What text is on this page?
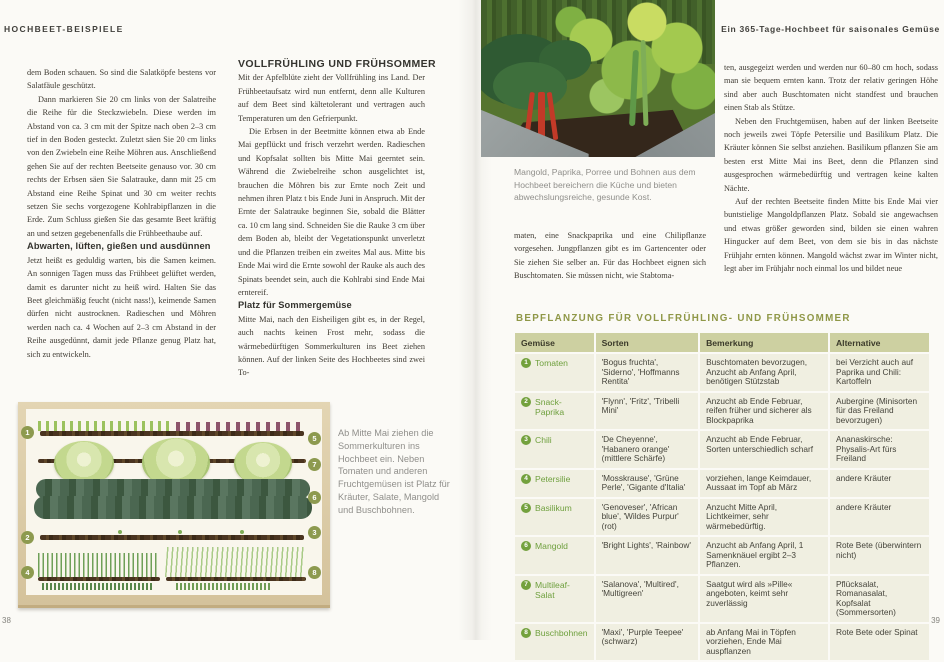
HOCHBEET-BEISPIELE

dem Boden schauen. So sind die Salatköpfe bestens vor Salatfäule geschützt.

Dann markieren Sie 20 cm links von der Salatreihe die Reihe für die Steckzwiebeln. Diese werden im Abstand von ca. 3 cm mit der Spitze nach oben 2–3 cm tief in den Boden gesteckt. Zuletzt säen Sie 20 cm links von den Zwiebeln eine Reihe Möhren aus. Anschließend gehen Sie auf der rechten Beetseite genauso vor. 30 cm rechts der Erbsen säen Sie Salatrauke, dann mit 25 cm Abstand eine Reihe Spinat und 30 cm weiter rechts setzen Sie sechs vorgezogene Kohlrabipflanzen in die Erde. Zum Schluss gießen Sie das gesamte Beet kräftig an und setzen gegebenenfalls die Frühbeethaube auf.

Abwarten, lüften, gießen und ausdünnen

Jetzt heißt es geduldig warten, bis die Samen keimen. An sonnigen Tagen muss das Frühbeet gelüftet werden, damit es darunter nicht zu heiß wird. Halten Sie das Beet gleichmäßig feucht (nicht nass!), keimende Samen dürfen nicht austrocknen. Radieschen und Möhren werden nach ca. 4 Wochen auf 2–3 cm Abstand in der Reihe ausgedünnt, damit jede Pflanze genug Platz hat, sich zu entwickeln.

VOLLFRÜHLING UND FRÜHSOMMER

Mit der Apfelblüte zieht der Vollfrühling ins Land. Der Frühbeetaufsatz wird nun entfernt, denn alle Kulturen auf dem Beet sind kältetolerant und vertragen auch Temperaturen um den Gefrierpunkt.

Die Erbsen in der Beetmitte können etwa ab Ende Mai gepflückt und frisch verzehrt werden. Radieschen und Kopfsalat sollten bis Mitte Mai geerntet sein. Während die Zwiebelreihe schon ausgelichtet ist, brauchen die Möhren bis zur Ernte noch Zeit und nehmen ihren Platz t bis Ende Juni in Anspruch. Mit der Ernte der Salatrauke beginnen Sie, sobald die Blätter ca. 10 cm lang sind. Schneiden Sie die Rauke 3 cm über dem Boden ab, bleibt der Vegetationspunkt unverletzt und die Pflanzen treiben ein zweites Mal aus. Mitte bis Ende Mai wird die Ernte sowohl der Rauke als auch des Spinats beendet sein, auch die Kohlrabi sind Ende Mai erntereif.

Platz für Sommergemüse

Mitte Mai, nach den Eisheiligen gibt es, in der Regel, auch nachts keinen Frost mehr, sodass die wärmebedürftigen Sommerkulturen ins Beet ziehen können. Auf der linken Seite des Hochbeetes sind zwei To-

1
2
4
5
7
6
3
8
Ab Mitte Mai ziehen die Sommerkulturen ins Hochbeet ein. Neben Tomaten und anderen Fruchtgemüsen ist Platz für Kräuter, Salate, Mangold und Buschbohnen.
38
Ein 365-Tage-Hochbeet für saisonales Gemüse
Mangold, Paprika, Porree und Bohnen aus dem Hochbeet bereichern die Küche und bieten abwechslungsreiche, gesunde Kost.

maten, eine Snackpaprika und eine Chilipflanze vorgesehen. Jungpflanzen gibt es im Gartencenter oder Sie ziehen Sie selber an. Für das Hochbeet eignen sich Buschtomaten. Sie müssen nicht, wie Stabtoma-

ten, ausgegeizt werden und werden nur 60–80 cm hoch, sodass man sie bequem ernten kann. Trotz der relativ geringen Höhe sind aber auch Buschtomaten nicht standfest und brauchen einen Stab als Stütze.

Neben den Fruchtgemüsen, haben auf der linken Beetseite noch jeweils zwei Töpfe Petersilie und Basilikum Platz. Die Kräuter können Sie selbst anziehen. Basilikum pflanzen Sie am besten erst Mitte Mai ins Beet, denn die Pflanzen sind ausgesprochen wärmebedürftig und vertragen keine kalten Nächte.

Auf der rechten Beetseite finden Mitte bis Ende Mai vier buntstielige Mangoldpflanzen Platz. Sobald sie angewachsen und etwas größer geworden sind, bilden sie einen wahren Hingucker auf dem Beet, von dem sie bis in das nächste Frühjahr ernten können. Mangold wächst zwar im Winter nicht, legt aber im Frühjahr noch einmal los und bildet neue

BEPFLANZUNG FÜR VOLLFRÜHLING- UND FRÜHSOMMER
Gemüse	Sorten	Bemerkung	Alternative

1 Tomaten	'Bogus fruchta', 'Siderno', 'Hoffmanns Rentita'	Buschtomaten bevorzugen, Anzucht ab Anfang April, benötigen Stützstab	bei Verzicht auch auf Paprika und Chili: Kartoffeln

2 Snack-Paprika	'Flynn', 'Fritz', 'Tribelli Mini'	Anzucht ab Ende Februar, reifen früher und sicherer als Blockpaprika	Aubergine (Minisorten für das Freiland bevorzugen)

3 Chili	'De Cheyenne', 'Habanero orange' (mittlere Schärfe)	Anzucht ab Ende Februar, Sorten unterschiedlich scharf	Ananaskirsche: Physalis-Art fürs Freiland

4 Petersilie	'Mosskrause', 'Grüne Perle', 'Gigante d'Italia'	vorziehen, lange Keimdauer, Aussaat im Topf ab März	andere Kräuter

5 Basilikum	'Genoveser', 'African blue', 'Wildes Purpur' (rot)	Anzucht Mitte April, Lichtkeimer, sehr wärmebedürftig.	andere Kräuter

6 Mangold	'Bright Lights', 'Rainbow'	Anzucht ab Anfang April, 1 Samenknäuel ergibt 2–3 Pflanzen.	Rote Bete (überwintern nicht)

7 Multileaf-Salat	'Salanova', 'Multired', 'Multigreen'	Saatgut wird als »Pille« angeboten, keimt sehr zuverlässig	Pflücksalat, Romanasalat, Kopfsalat (Sommersorten)

8 Buschbohnen	'Maxi', 'Purple Teepee' (schwarz)	ab Anfang Mai in Töpfen vorziehen, Ende Mai auspflanzen	Rote Bete oder Spinat
39
